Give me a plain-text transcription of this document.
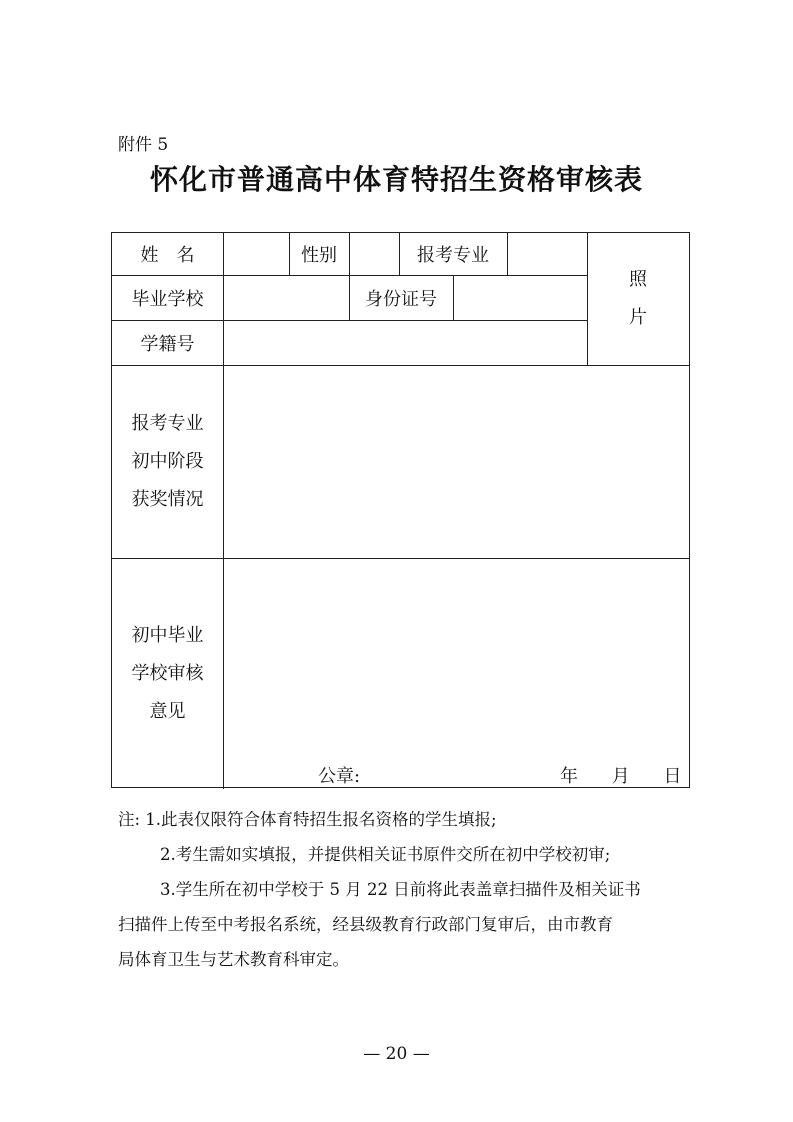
附件 5
怀化市普通高中体育特招生资格审核表
姓　名	性别	报考专业
照
片
毕业学校	身份证号
学籍号
报考专业
初中阶段
获奖情况
初中毕业
学校审核
意见
公章:	年 月 日

注: 1.此表仅限符合体育特招生报名资格的学生填报;

2.考生需如实填报，并提供相关证书原件交所在初中学校初审;

3.学生所在初中学校于 5 月 22 日前将此表盖章扫描件及相关证书

扫描件上传至中考报名系统，经县级教育行政部门复审后，由市教育

局体育卫生与艺术教育科审定。

— 20 —
